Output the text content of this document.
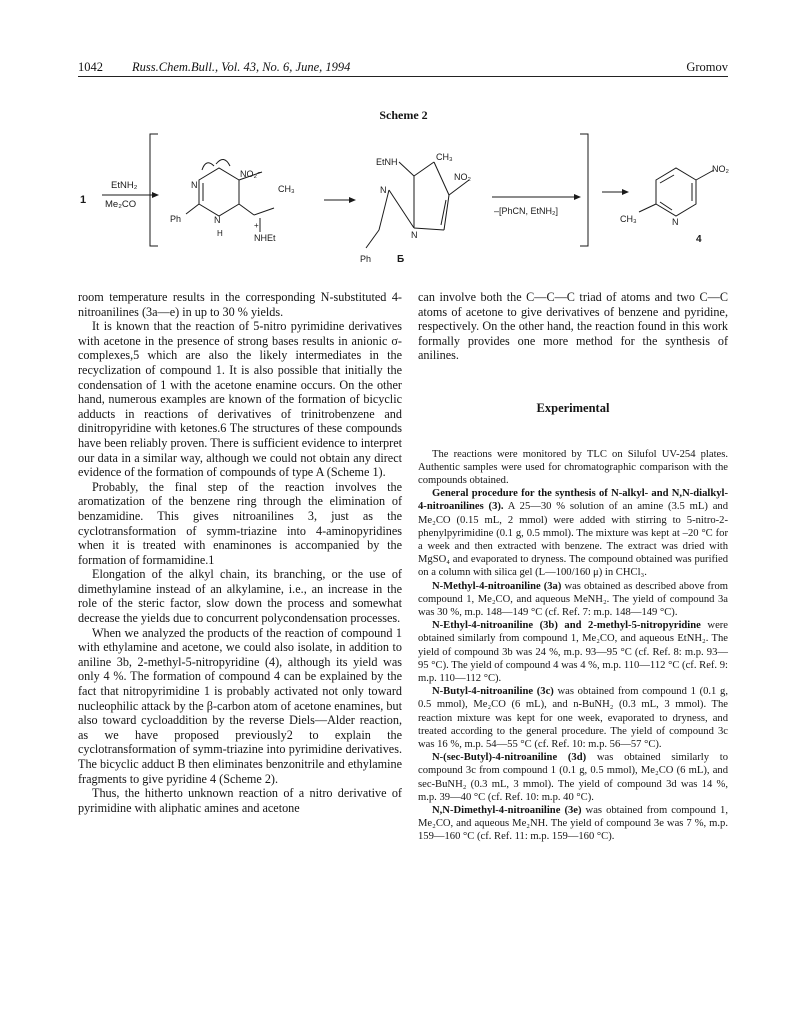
1042 Russ.Chem.Bull., Vol. 43, No. 6, June, 1994	Gromov
Scheme 2
1
EtNH₂
Me₂CO
N
N
H
Ph
NO₂⁻
CH₃
+
NHEt
EtNH	CH₃
NO₂
N
N
Ph	Б
–[PhCN, EtNH₂]
NO₂
CH₃	N
4

room temperature results in the corresponding N-substituted 4-nitroanilines (3a—e) in up to 30 % yields.

It is known that the reaction of 5-nitro pyrimidine derivatives with acetone in the presence of strong bases results in anionic σ-complexes,5 which are also the likely intermediates in the recyclization of compound 1. It is also possible that initially the condensation of 1 with the acetone enamine occurs. On the other hand, numerous examples are known of the formation of bicyclic adducts in reactions of derivatives of trinitrobenzene and dinitropyridine with ketones.6 The structures of these compounds have been reliably proven. There is sufficient evidence to interpret our data in a similar way, although we could not obtain any direct evidence of the formation of compounds of type A (Scheme 1).

Probably, the final step of the reaction involves the aromatization of the benzene ring through the elimination of benzamidine. This gives nitroanilines 3, just as the cyclotransformation of symm-triazine into 4-aminopyridines when it is treated with enaminones is accompanied by the formation of formamidine.1

Elongation of the alkyl chain, its branching, or the use of dimethylamine instead of an alkylamine, i.e., an increase in the role of the steric factor, slow down the process and somewhat decrease the yields due to concurrent polycondensation processes.

When we analyzed the products of the reaction of compound 1 with ethylamine and acetone, we could also isolate, in addition to aniline 3b, 2-methyl-5-nitropyridine (4), although its yield was only 4 %. The formation of compound 4 can be explained by the fact that nitropyrimidine 1 is probably activated not only toward nucleophilic attack by the β-carbon atom of acetone enamines, but also toward cycloaddition by the reverse Diels—Alder reaction, as we have proposed previously2 to explain the cyclotransformation of symm-triazine into pyrimidine derivatives. The bicyclic adduct B then eliminates benzonitrile and ethylamine fragments to give pyridine 4 (Scheme 2).

Thus, the hitherto unknown reaction of a nitro derivative of pyrimidine with aliphatic amines and acetone

can involve both the C—C—C triad of atoms and two C—C atoms of acetone to give derivatives of benzene and pyridine, respectively. On the other hand, the reaction found in this work formally provides one more method for the synthesis of anilines.

Experimental

The reactions were monitored by TLC on Silufol UV-254 plates. Authentic samples were used for chromatographic comparison with the compounds obtained.

General procedure for the synthesis of N-alkyl- and N,N-dialkyl-4-nitroanilines (3). A 25—30 % solution of an amine (3.5 mL) and Me₂CO (0.15 mL, 2 mmol) were added with stirring to 5-nitro-2-phenylpyrimidine (0.1 g, 0.5 mmol). The mixture was kept at –20 °C for a week and then extracted with benzene. The extract was dried with MgSO₄ and evaporated to dryness. The compound obtained was purified on a column with silica gel (L—100/160 μ) in CHCl₃.

N-Methyl-4-nitroaniline (3a) was obtained as described above from compound 1, Me₂CO, and aqueous MeNH₂. The yield of compound 3a was 30 %, m.p. 148—149 °C (cf. Ref. 7: m.p. 148—149 °C).

N-Ethyl-4-nitroaniline (3b) and 2-methyl-5-nitropyridine were obtained similarly from compound 1, Me₂CO, and aqueous EtNH₂. The yield of compound 3b was 24 %, m.p. 93—95 °C (cf. Ref. 8: m.p. 93—95 °C). The yield of compound 4 was 4 %, m.p. 110—112 °C (cf. Ref. 9: m.p. 110—112 °C).

N-Butyl-4-nitroaniline (3c) was obtained from compound 1 (0.1 g, 0.5 mmol), Me₂CO (6 mL), and n-BuNH₂ (0.3 mL, 3 mmol). The reaction mixture was kept for one week, evaporated to dryness, and treated according to the general procedure. The yield of compound 3c was 16 %, m.p. 54—55 °C (cf. Ref. 10: m.p. 56—57 °C).

N-(sec-Butyl)-4-nitroaniline (3d) was obtained similarly to compound 3c from compound 1 (0.1 g, 0.5 mmol), Me₂CO (6 mL), and sec-BuNH₂ (0.3 mL, 3 mmol). The yield of compound 3d was 14 %, m.p. 39—40 °C (cf. Ref. 10: m.p. 40 °C).

N,N-Dimethyl-4-nitroaniline (3e) was obtained from compound 1, Me₂CO, and aqueous Me₂NH. The yield of compound 3e was 7 %, m.p. 159—160 °C (cf. Ref. 11: m.p. 159—160 °C).
